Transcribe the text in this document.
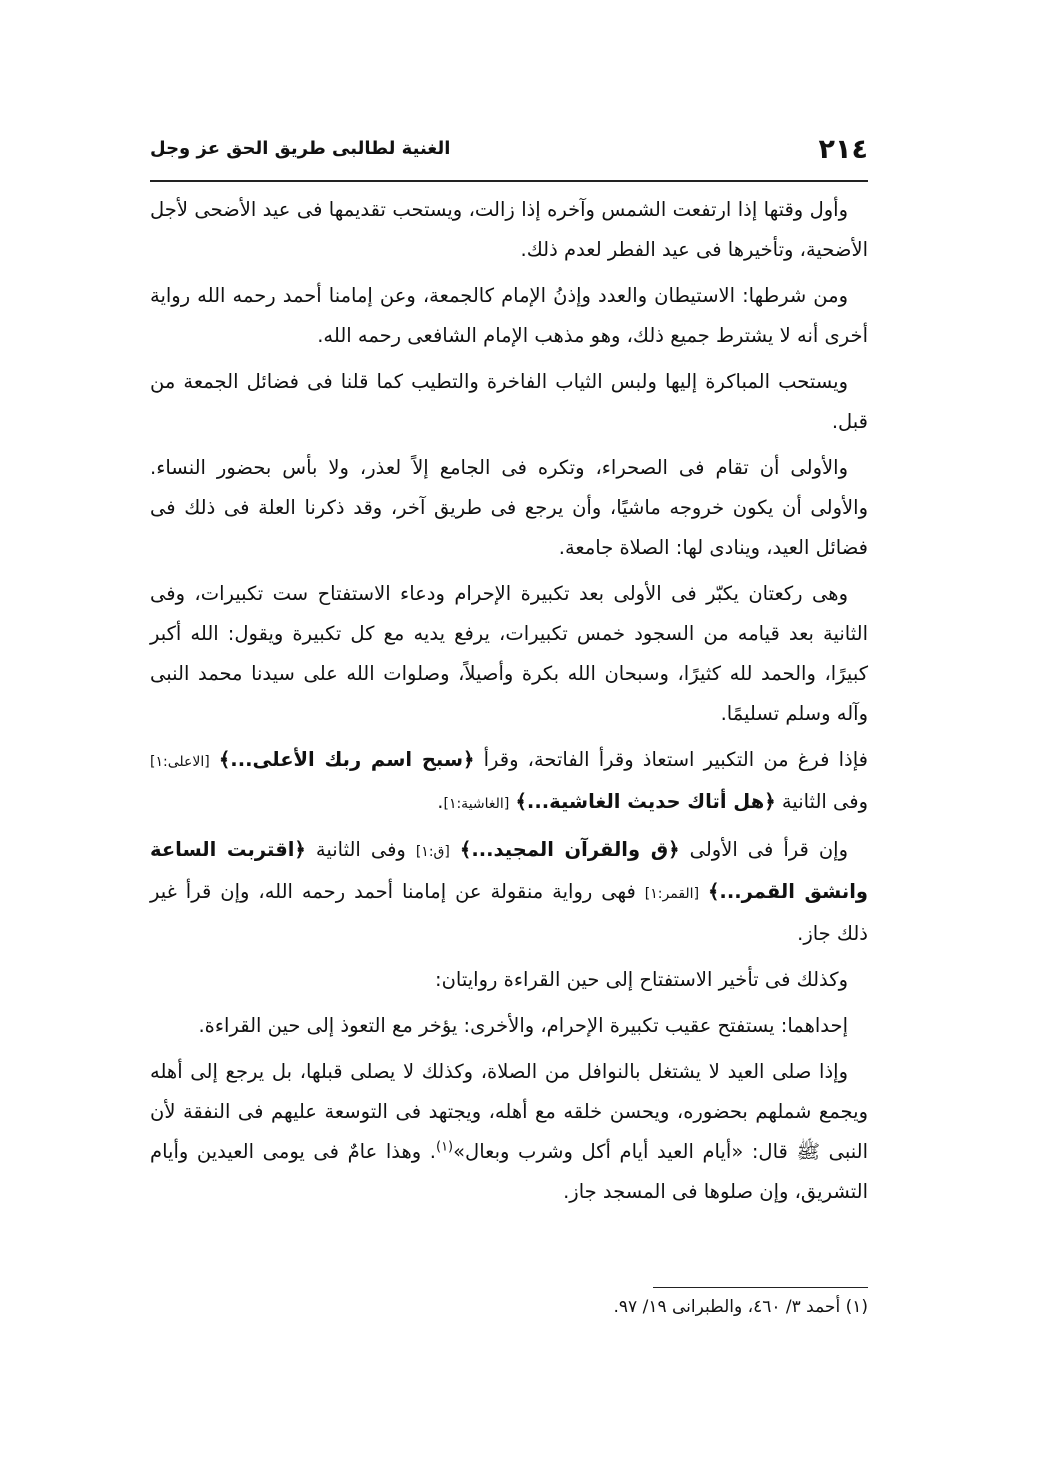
٢١٤
الغنية لطالبى طريق الحق عز وجل

وأول وقتها إذا ارتفعت الشمس وآخره إذا زالت، ويستحب تقديمها فى عيد الأضحى لأجل الأضحية، وتأخيرها فى عيد الفطر لعدم ذلك.

ومن شرطها: الاستيطان والعدد وإذنُ الإمام كالجمعة، وعن إمامنا أحمد رحمه الله رواية أخرى أنه لا يشترط جميع ذلك، وهو مذهب الإمام الشافعى رحمه الله.

ويستحب المباكرة إليها ولبس الثياب الفاخرة والتطيب كما قلنا فى فضائل الجمعة من قبل.

والأولى أن تقام فى الصحراء، وتكره فى الجامع إلاً لعذر، ولا بأس بحضور النساء. والأولى أن يكون خروجه ماشيًا، وأن يرجع فى طريق آخر، وقد ذكرنا العلة فى ذلك فى فضائل العيد، وينادى لها: الصلاة جامعة.

وهى ركعتان يكبّر فى الأولى بعد تكبيرة الإحرام ودعاء الاستفتاح ست تكبيرات، وفى الثانية بعد قيامه من السجود خمس تكبيرات، يرفع يديه مع كل تكبيرة ويقول: الله أكبر كبيرًا، والحمد لله كثيرًا، وسبحان الله بكرة وأصيلاً، وصلوات الله على سيدنا محمد النبى وآله وسلم تسليمًا.

فإذا فرغ من التكبير استعاذ وقرأ الفاتحة، وقرأ ﴿سبح اسم ربك الأعلى...﴾ [الاعلى:١] وفى الثانية ﴿هل أتاك حديث الغاشية...﴾ [الغاشية:١].

وإن قرأ فى الأولى ﴿ق والقرآن المجيد...﴾ [ق:١] وفى الثانية ﴿اقتربت الساعة وانشق القمر...﴾ [القمر:١] فهى رواية منقولة عن إمامنا أحمد رحمه الله، وإن قرأ غير ذلك جاز.

وكذلك فى تأخير الاستفتاح إلى حين القراءة روايتان:

إحداهما: يستفتح عقيب تكبيرة الإحرام، والأخرى: يؤخر مع التعوذ إلى حين القراءة.

وإذا صلى العيد لا يشتغل بالنوافل من الصلاة، وكذلك لا يصلى قبلها، بل يرجع إلى أهله ويجمع شملهم بحضوره، ويحسن خلقه مع أهله، ويجتهد فى التوسعة عليهم فى النفقة لأن النبى ﷺ قال: «أيام العيد أيام أكل وشرب وبعال»$^{(١)}$. وهذا عامٌ فى يومى العيدين وأيام التشريق، وإن صلوها فى المسجد جاز.

(١) أحمد ٣/ ٤٦٠، والطبرانى ١٩/ ٩٧.
